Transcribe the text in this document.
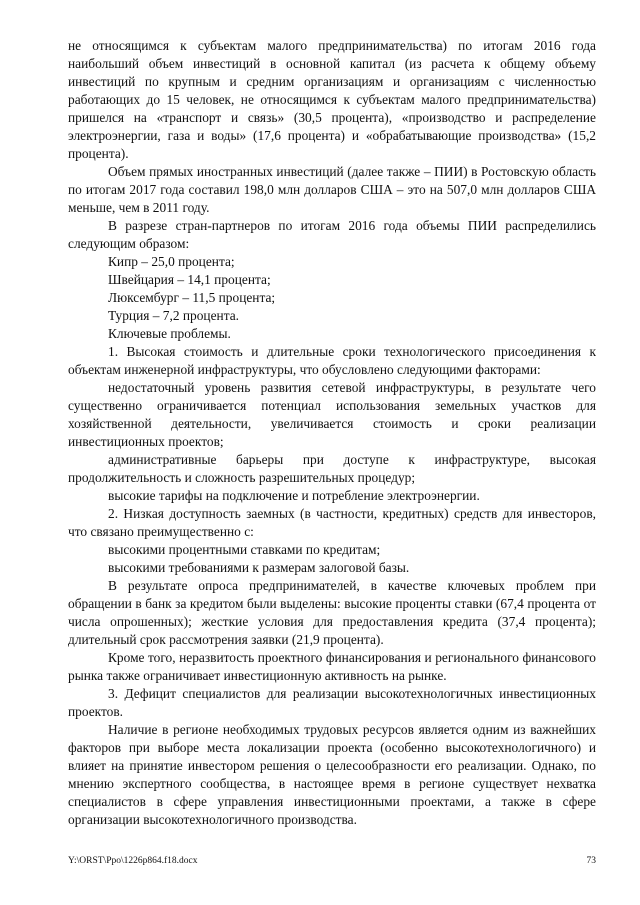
не относящимся к субъектам малого предпринимательства) по итогам 2016 года наибольший объем инвестиций в основной капитал (из расчета к общему объему инвестиций по крупным и средним организациям и организациям с численностью работающих до 15 человек, не относящимся к субъектам малого предпринимательства) пришелся на «транспорт и связь» (30,5 процента), «производство и распределение электроэнергии, газа и воды» (17,6 процента) и «обрабатывающие производства» (15,2 процента).

Объем прямых иностранных инвестиций (далее также – ПИИ) в Ростовскую область по итогам 2017 года составил 198,0 млн долларов США – это на 507,0 млн долларов США меньше, чем в 2011 году.

В разрезе стран-партнеров по итогам 2016 года объемы ПИИ распределились следующим образом:

Кипр – 25,0 процента;

Швейцария – 14,1 процента;

Люксембург – 11,5 процента;

Турция – 7,2 процента.

Ключевые проблемы.

1. Высокая стоимость и длительные сроки технологического присоединения к объектам инженерной инфраструктуры, что обусловлено следующими факторами:

недостаточный уровень развития сетевой инфраструктуры, в результате чего существенно ограничивается потенциал использования земельных участков для хозяйственной деятельности, увеличивается стоимость и сроки реализации инвестиционных проектов;

административные барьеры при доступе к инфраструктуре, высокая продолжительность и сложность разрешительных процедур;

высокие тарифы на подключение и потребление электроэнергии.

2. Низкая доступность заемных (в частности, кредитных) средств для инвесторов, что связано преимущественно с:

высокими процентными ставками по кредитам;

высокими требованиями к размерам залоговой базы.

В результате опроса предпринимателей, в качестве ключевых проблем при обращении в банк за кредитом были выделены: высокие проценты ставки (67,4 процента от числа опрошенных); жесткие условия для предоставления кредита (37,4 процента); длительный срок рассмотрения заявки (21,9 процента).

Кроме того, неразвитость проектного финансирования и регионального финансового рынка также ограничивает инвестиционную активность на рынке.

3. Дефицит специалистов для реализации высокотехнологичных инвестиционных проектов.

Наличие в регионе необходимых трудовых ресурсов является одним из важнейших факторов при выборе места локализации проекта (особенно высокотехнологичного) и влияет на принятие инвестором решения о целесообразности его реализации. Однако, по мнению экспертного сообщества, в настоящее время в регионе существует нехватка специалистов в сфере управления инвестиционными проектами, а также в сфере организации высокотехнологичного производства.

Y:\ORST\Ppo\1226p864.f18.docx	73
